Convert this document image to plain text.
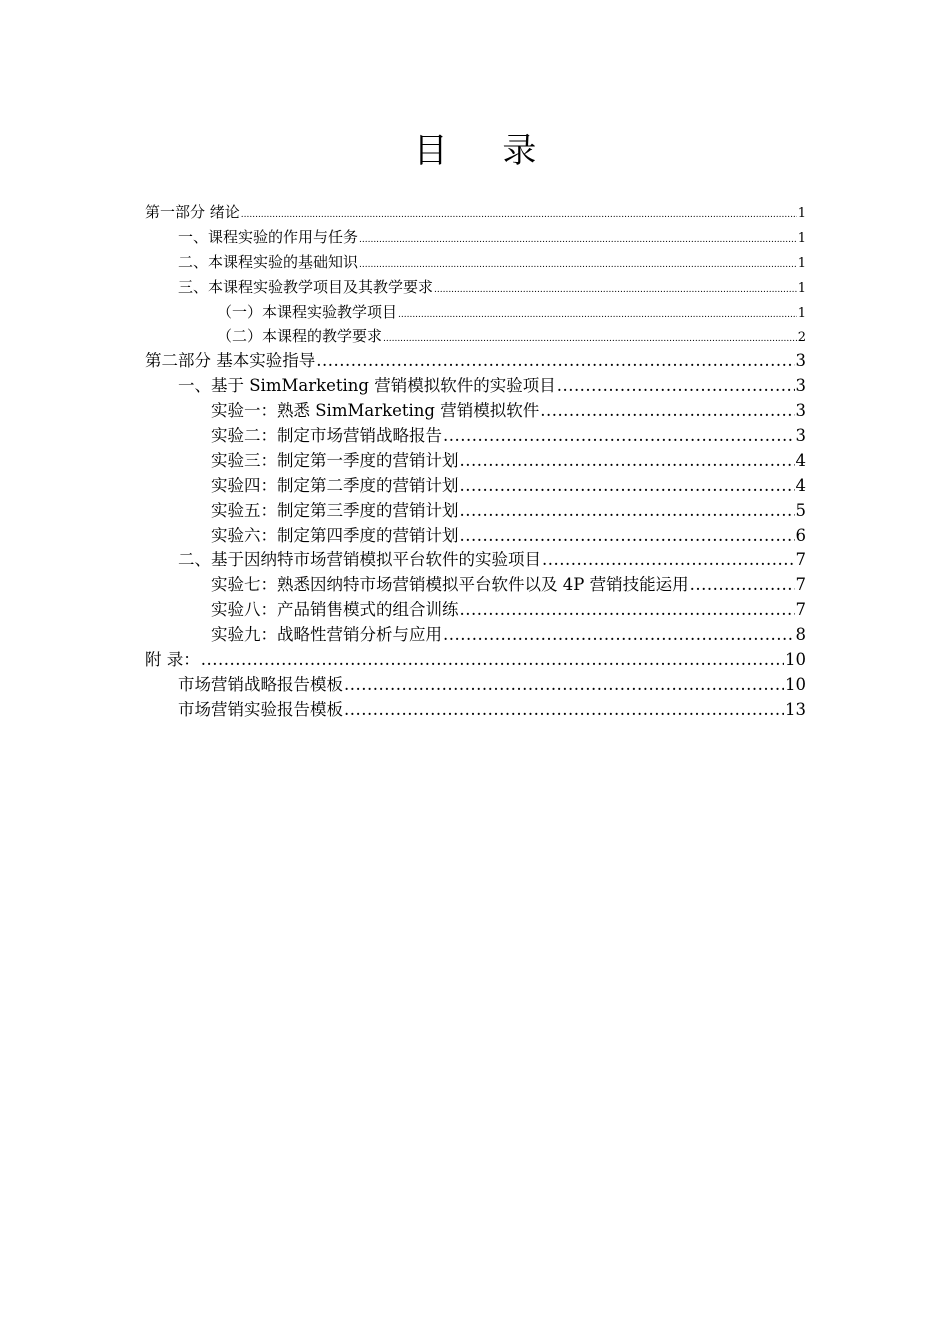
目 录
第一部分 绪论 .....	1
一、课程实验的作用与任务 .....	1
二、本课程实验的基础知识 .....	1
三、本课程实验教学项目及其教学要求 .....	1
（一）本课程实验教学项目 .....	1
（二）本课程的教学要求 .....	2
第二部分 基本实验指导 .....	3
一、基于 SimMarketing 营销模拟软件的实验项目 .....	3
实验一：熟悉 SimMarketing 营销模拟软件 .....	3
实验二：制定市场营销战略报告 .....	3
实验三：制定第一季度的营销计划 .....	4
实验四：制定第二季度的营销计划 .....	4
实验五：制定第三季度的营销计划 .....	5
实验六：制定第四季度的营销计划 .....	6
二、基于因纳特市场营销模拟平台软件的实验项目 .....	7
实验七：熟悉因纳特市场营销模拟平台软件以及 4P 营销技能运用 .....	7
实验八：产品销售模式的组合训练 .....	7
实验九：战略性营销分析与应用 .....	8
附 录： .....	10
市场营销战略报告模板 .....	10
市场营销实验报告模板 .....	13
